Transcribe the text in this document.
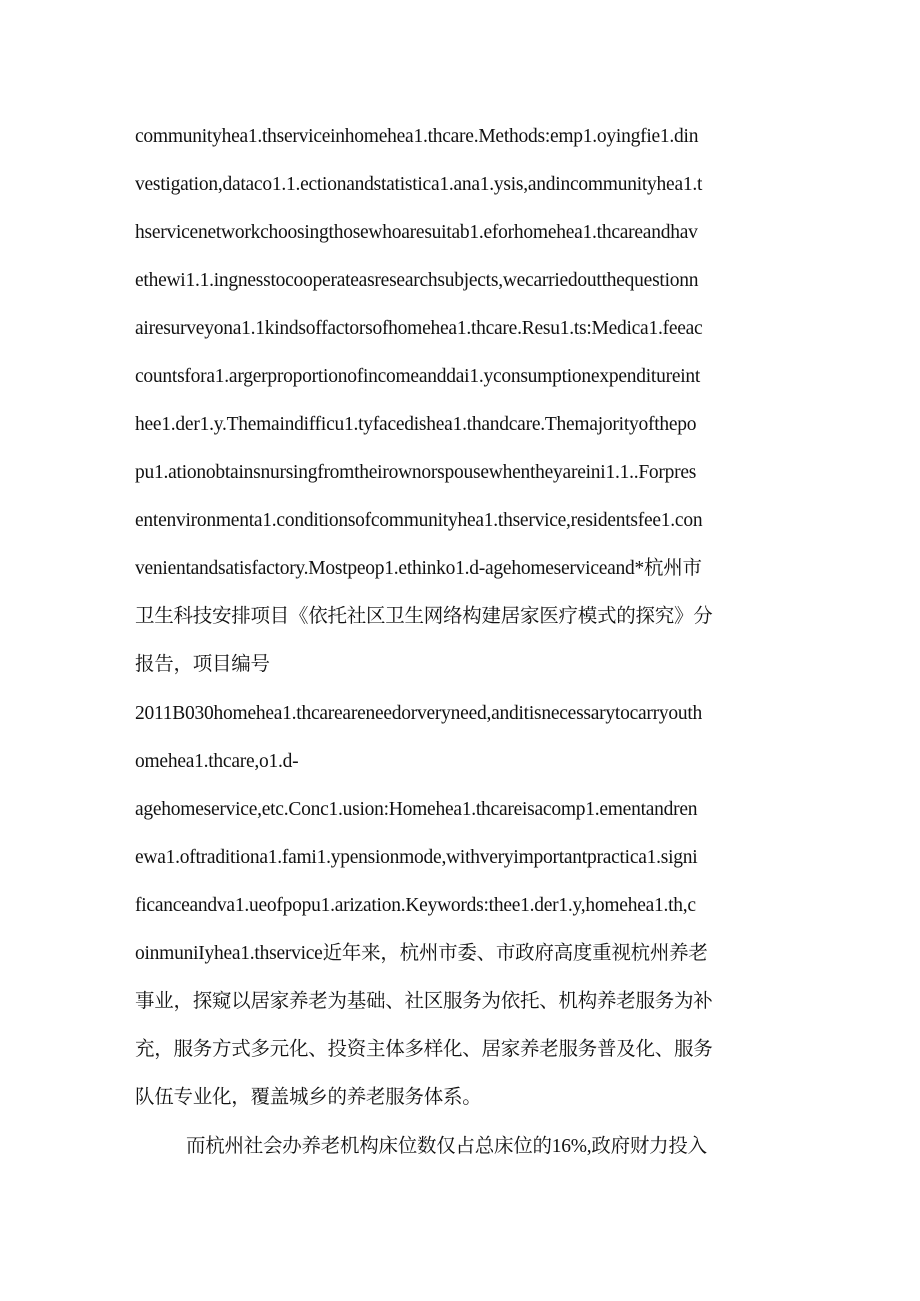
communityhea1.thserviceinhomehea1.thcare.Methods:emp1.oyingfie1.din
vestigation,dataco1.1.ectionandstatistica1.ana1.ysis,andincommunityhea1.t
hservicenetworkchoosingthosewhoaresuitab1.eforhomehea1.thcareandhav
ethewi1.1.ingnesstocooperateasresearchsubjects,wecarriedoutthequestionn
airesurveyona1.1kindsoffactorsofhomehea1.thcare.Resu1.ts:Medica1.feeac
countsfora1.argerproportionofincomeanddai1.yconsumptionexpenditureint
hee1.der1.y.Themaindifficu1.tyfacedishea1.thandcare.Themajorityofthepo
pu1.ationobtainsnursingfromtheirownorspousewhentheyareini1.1..Forpres
entenvironmenta1.conditionsofcommunityhea1.thservice,residentsfee1.con
venientandsatisfactory.Mostpeop1.ethinko1.d-agehomeserviceand*杭州市
卫生科技安排项目《依托社区卫生网络构建居家医疗模式的探究》分
报告，项目编号
2011B030homehea1.thcareareneedorveryneed,anditisnecessarytocarryouth
omehea1.thcare,o1.d-
agehomeservice,etc.Conc1.usion:Homehea1.thcareisacomp1.ementandren
ewa1.oftraditiona1.fami1.ypensionmode,withveryimportantpractica1.signi
ficanceandva1.ueofpopu1.arization.Keywords:thee1.der1.y,homehea1.th,c
oinmuniIyhea1.thservice近年来，杭州市委、市政府高度重视杭州养老
事业，探窥以居家养老为基础、社区服务为依托、机构养老服务为补
充，服务方式多元化、投资主体多样化、居家养老服务普及化、服务
队伍专业化，覆盖城乡的养老服务体系。
而杭州社会办养老机构床位数仅占总床位的16%,政府财力投入
